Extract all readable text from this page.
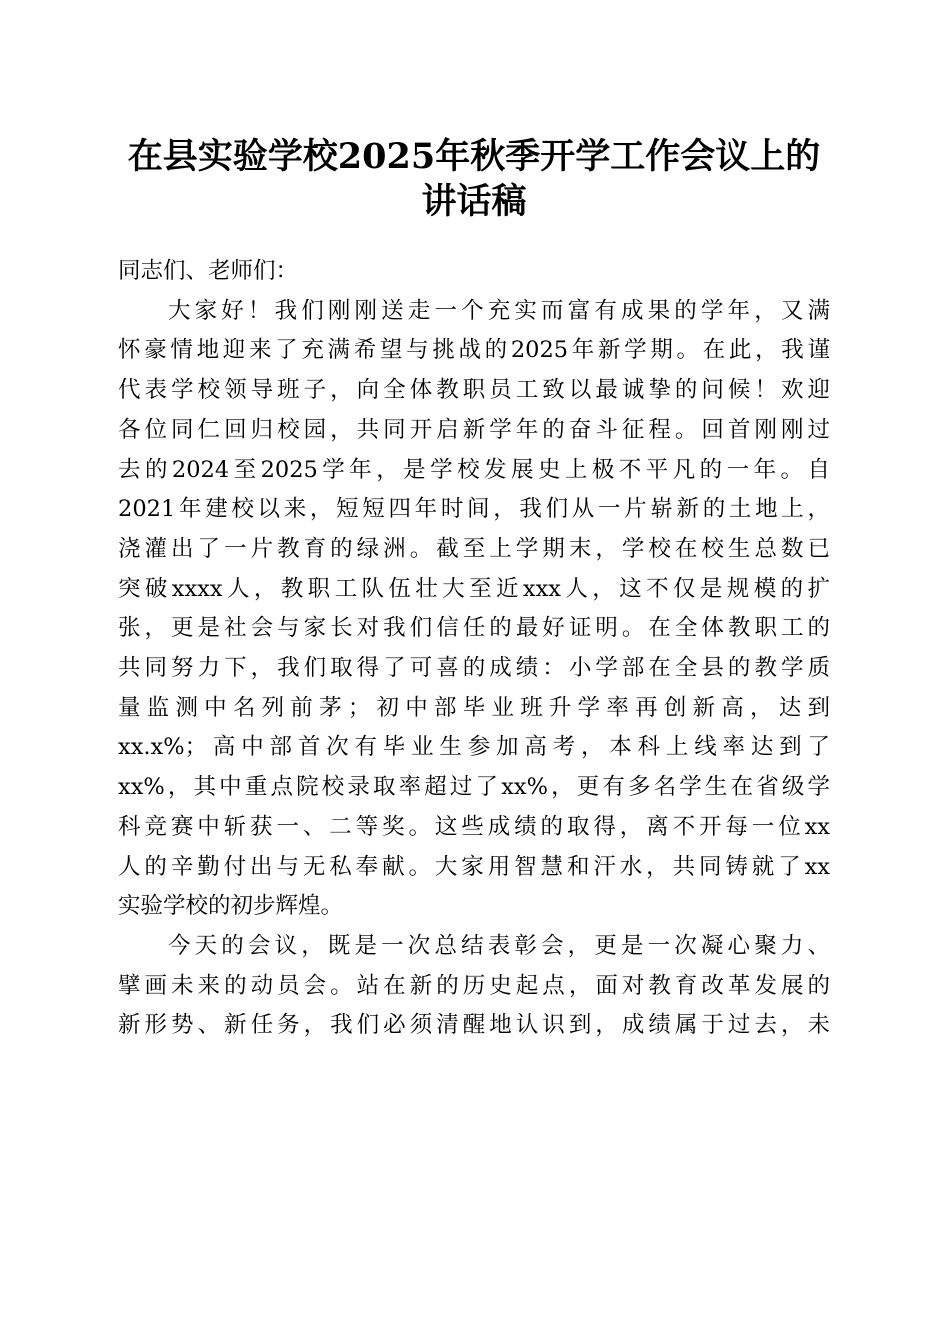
在县实验学校2025年秋季开学工作会议上的
讲话稿

同志们、老师们：

大家好！我们刚刚送走一个充实而富有成果的学年，又满
怀豪情地迎来了充满希望与挑战的2025年新学期。在此，我谨
代表学校领导班子，向全体教职员工致以最诚挚的问候！欢迎
各位同仁回归校园，共同开启新学年的奋斗征程。回首刚刚过
去的2024至2025学年，是学校发展史上极不平凡的一年。自
2021年建校以来，短短四年时间，我们从一片崭新的土地上，
浇灌出了一片教育的绿洲。截至上学期末，学校在校生总数已
突破xxxx人，教职工队伍壮大至近xxx人，这不仅是规模的扩
张，更是社会与家长对我们信任的最好证明。在全体教职工的
共同努力下，我们取得了可喜的成绩：小学部在全县的教学质
量监测中名列前茅；初中部毕业班升学率再创新高，达到
xx.x%；高中部首次有毕业生参加高考，本科上线率达到了
xx%，其中重点院校录取率超过了xx%，更有多名学生在省级学
科竞赛中斩获一、二等奖。这些成绩的取得，离不开每一位xx
人的辛勤付出与无私奉献。大家用智慧和汗水，共同铸就了xx
实验学校的初步辉煌。

今天的会议，既是一次总结表彰会，更是一次凝心聚力、
擘画未来的动员会。站在新的历史起点，面对教育改革发展的
新形势、新任务，我们必须清醒地认识到，成绩属于过去，未
